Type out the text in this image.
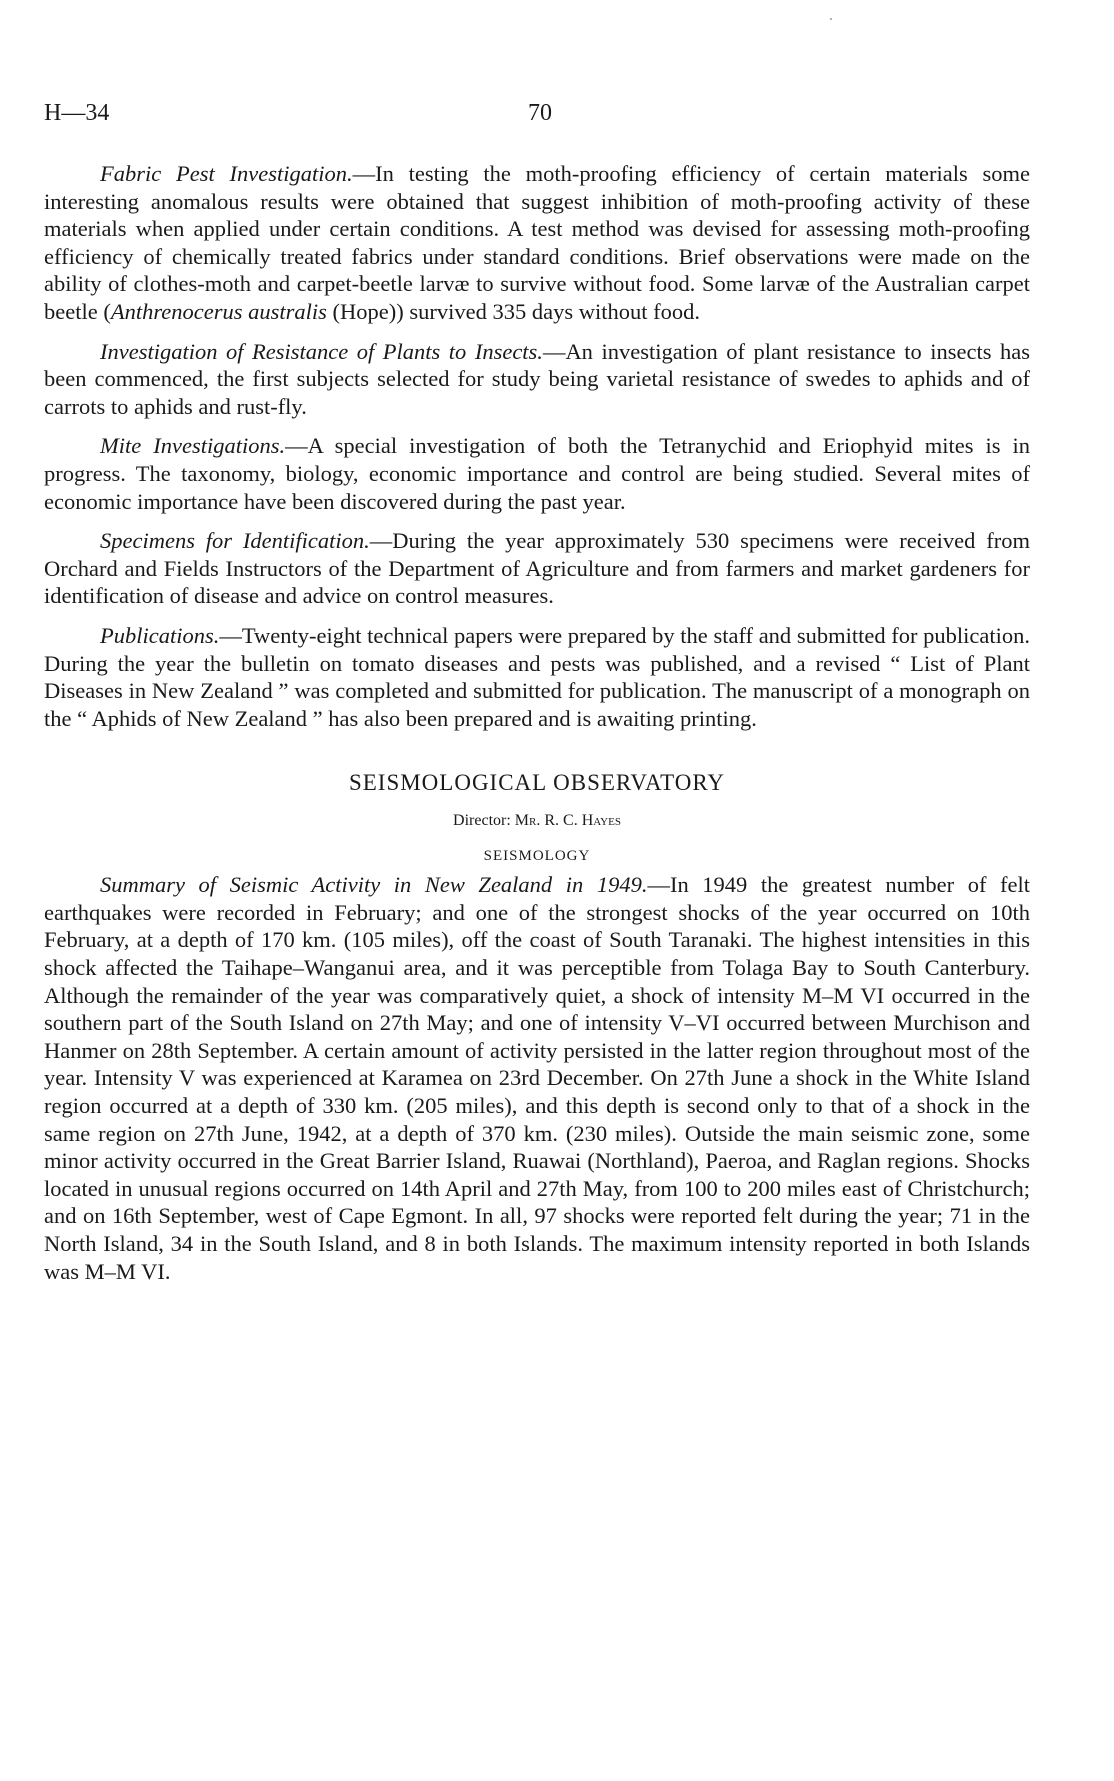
H—34	70

Fabric Pest Investigation.—In testing the moth-proofing efficiency of certain materials some interesting anomalous results were obtained that suggest inhibition of moth-proofing activity of these materials when applied under certain conditions. A test method was devised for assessing moth-proofing efficiency of chemically treated fabrics under standard conditions. Brief observations were made on the ability of clothes-moth and carpet-beetle larvæ to survive without food. Some larvæ of the Australian carpet beetle (Anthrenocerus australis (Hope)) survived 335 days without food.

Investigation of Resistance of Plants to Insects.—An investigation of plant resistance to insects has been commenced, the first subjects selected for study being varietal resistance of swedes to aphids and of carrots to aphids and rust-fly.

Mite Investigations.—A special investigation of both the Tetranychid and Eriophyid mites is in progress. The taxonomy, biology, economic importance and control are being studied. Several mites of economic importance have been discovered during the past year.

Specimens for Identification.—During the year approximately 530 specimens were received from Orchard and Fields Instructors of the Department of Agriculture and from farmers and market gardeners for identification of disease and advice on control measures.

Publications.—Twenty-eight technical papers were prepared by the staff and submitted for publication. During the year the bulletin on tomato diseases and pests was published, and a revised “ List of Plant Diseases in New Zealand ” was completed and submitted for publication. The manuscript of a monograph on the “ Aphids of New Zealand ” has also been prepared and is awaiting printing.

SEISMOLOGICAL OBSERVATORY
Director: Mr. R. C. Hayes
SEISMOLOGY

Summary of Seismic Activity in New Zealand in 1949.—In 1949 the greatest number of felt earthquakes were recorded in February; and one of the strongest shocks of the year occurred on 10th February, at a depth of 170 km. (105 miles), off the coast of South Taranaki. The highest intensities in this shock affected the Taihape–Wanganui area, and it was perceptible from Tolaga Bay to South Canterbury. Although the remainder of the year was comparatively quiet, a shock of intensity M–M VI occurred in the southern part of the South Island on 27th May; and one of intensity V–VI occurred between Murchison and Hanmer on 28th September. A certain amount of activity persisted in the latter region throughout most of the year. Intensity V was experienced at Karamea on 23rd December. On 27th June a shock in the White Island region occurred at a depth of 330 km. (205 miles), and this depth is second only to that of a shock in the same region on 27th June, 1942, at a depth of 370 km. (230 miles). Outside the main seismic zone, some minor activity occurred in the Great Barrier Island, Ruawai (Northland), Paeroa, and Raglan regions. Shocks located in unusual regions occurred on 14th April and 27th May, from 100 to 200 miles east of Christchurch; and on 16th September, west of Cape Egmont. In all, 97 shocks were reported felt during the year; 71 in the North Island, 34 in the South Island, and 8 in both Islands. The maximum intensity reported in both Islands was M–M VI.
